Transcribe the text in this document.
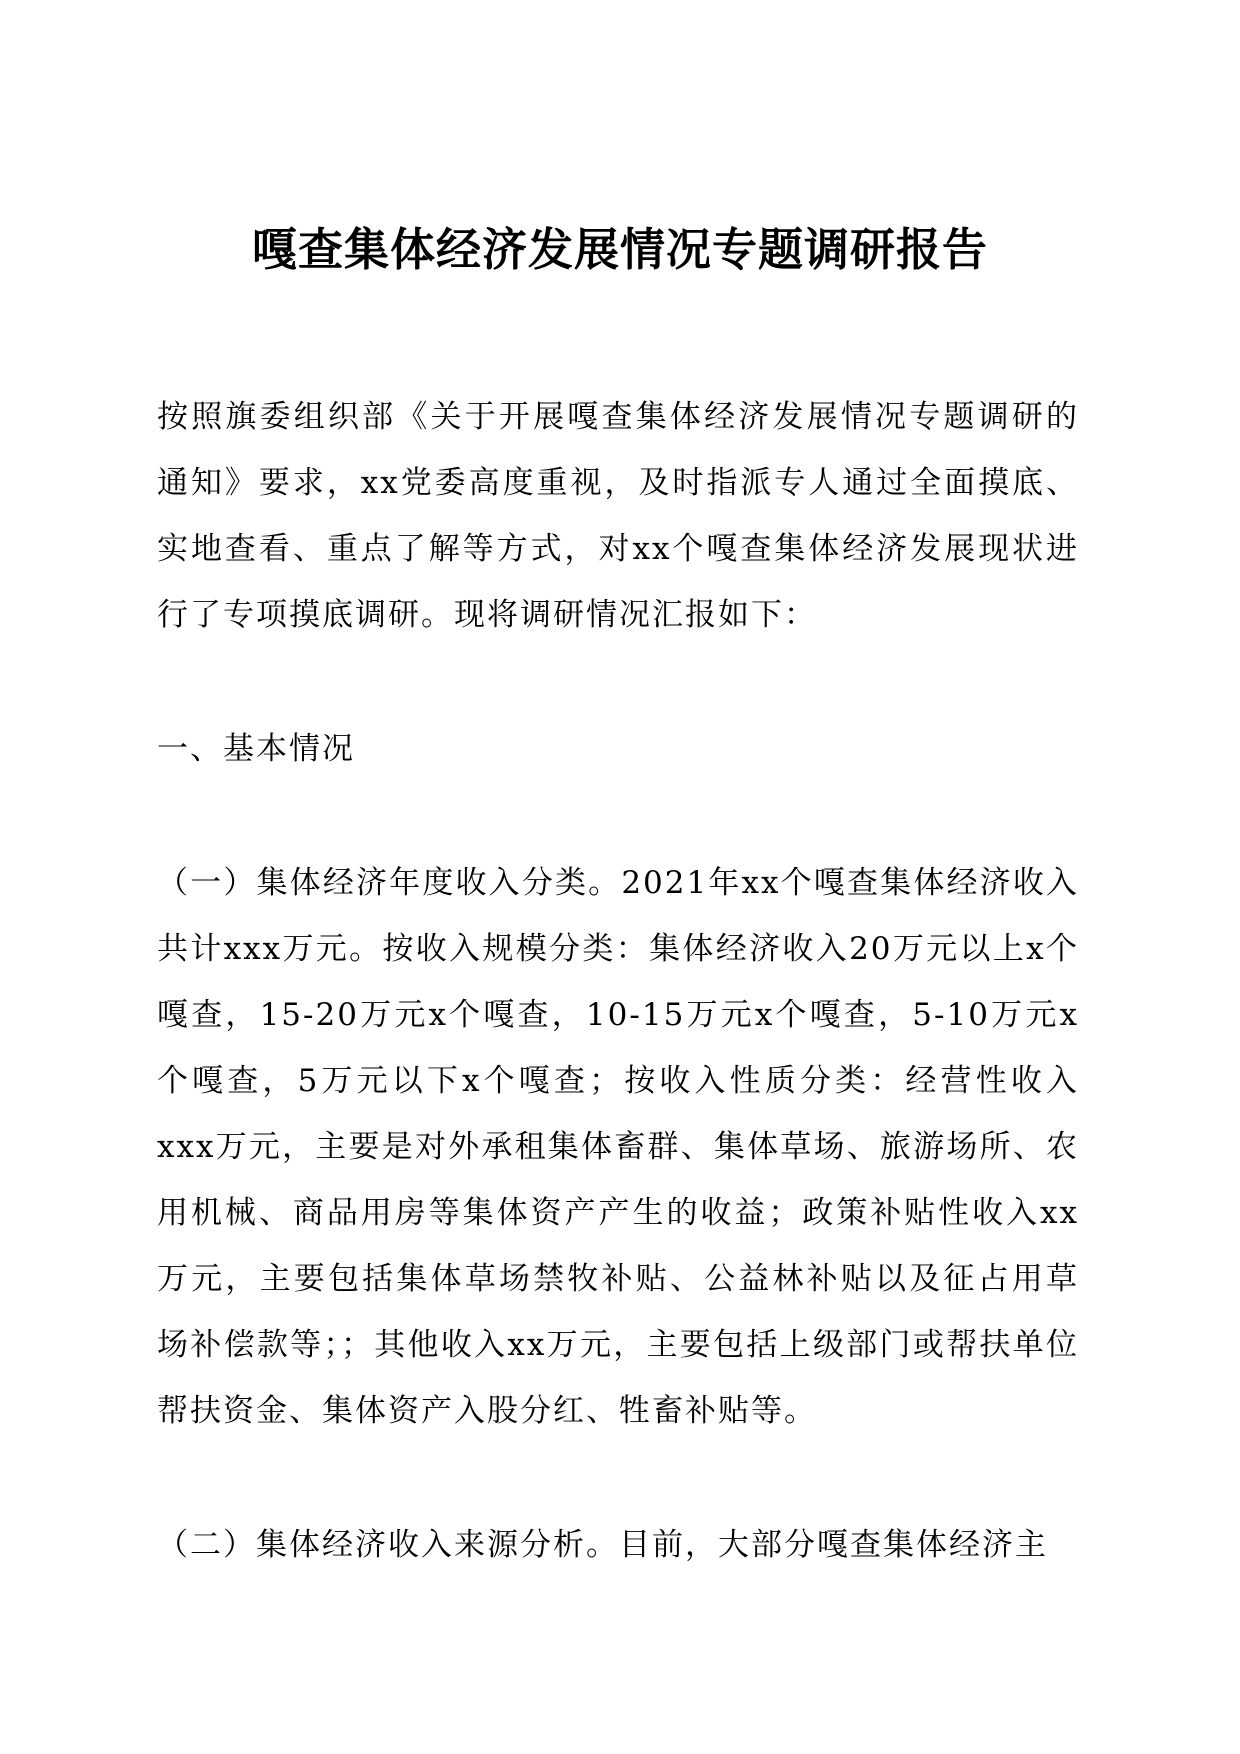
嘎查集体经济发展情况专题调研报告

按照旗委组织部《关于开展嘎查集体经济发展情况专题调研的通知》要求，xx党委高度重视，及时指派专人通过全面摸底、实地查看、重点了解等方式，对xx个嘎查集体经济发展现状进行了专项摸底调研。现将调研情况汇报如下：

一、基本情况

（一）集体经济年度收入分类。2021年xx个嘎查集体经济收入共计xxx万元。按收入规模分类：集体经济收入20万元以上x个嘎查，15-20万元x个嘎查，10-15万元x个嘎查，5-10万元x个嘎查，5万元以下x个嘎查；按收入性质分类：经营性收入xxx万元，主要是对外承租集体畜群、集体草场、旅游场所、农用机械、商品用房等集体资产产生的收益；政策补贴性收入xx万元，主要包括集体草场禁牧补贴、公益林补贴以及征占用草场补偿款等；；其他收入xx万元，主要包括上级部门或帮扶单位帮扶资金、集体资产入股分红、牲畜补贴等。

（二）集体经济收入来源分析。目前，大部分嘎查集体经济主
